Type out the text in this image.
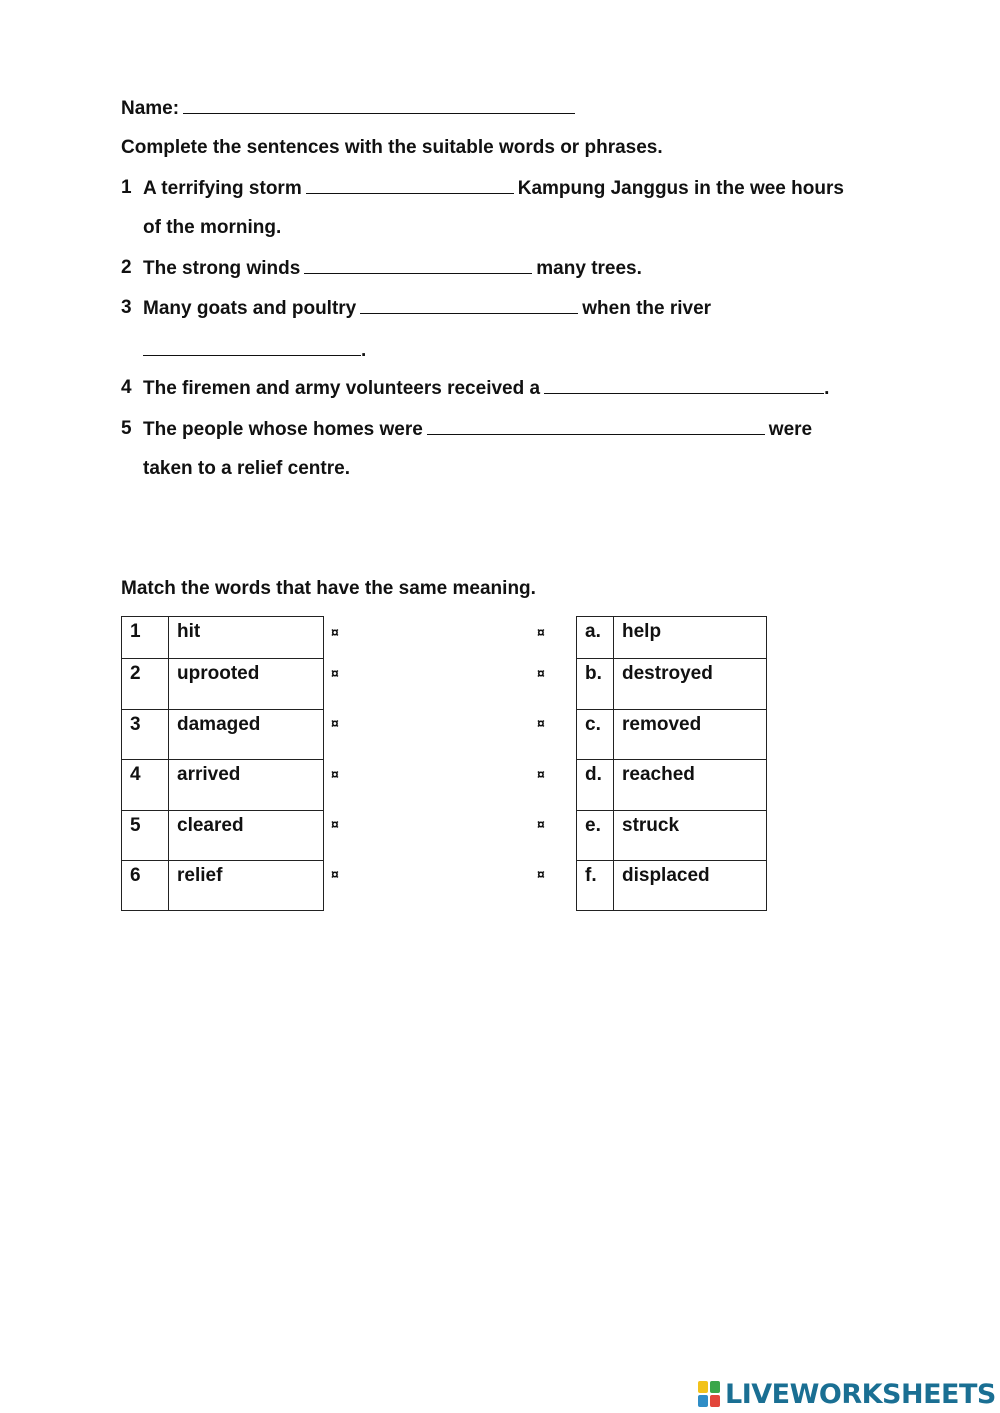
Name:
Complete the sentences with the suitable words or phrases.
1 A terrifying storm	Kampung Janggus in the wee hours
of the morning.
2 The strong winds	many trees.
3 Many goats and poultry	when the river
.
4 The firemen and army volunteers received a	.
5 The people whose homes were	were
taken to a relief centre.
Match the words that have the same meaning.
1	hit
2	uprooted
3	damaged
4	arrived
5	cleared
6	relief
a.	help
b.	destroyed
c.	removed
d.	reached
e.	struck
f.	displaced
¤
¤
¤
¤
¤
¤
¤
¤
¤
¤
¤
¤
LIVEWORKSHEETS
